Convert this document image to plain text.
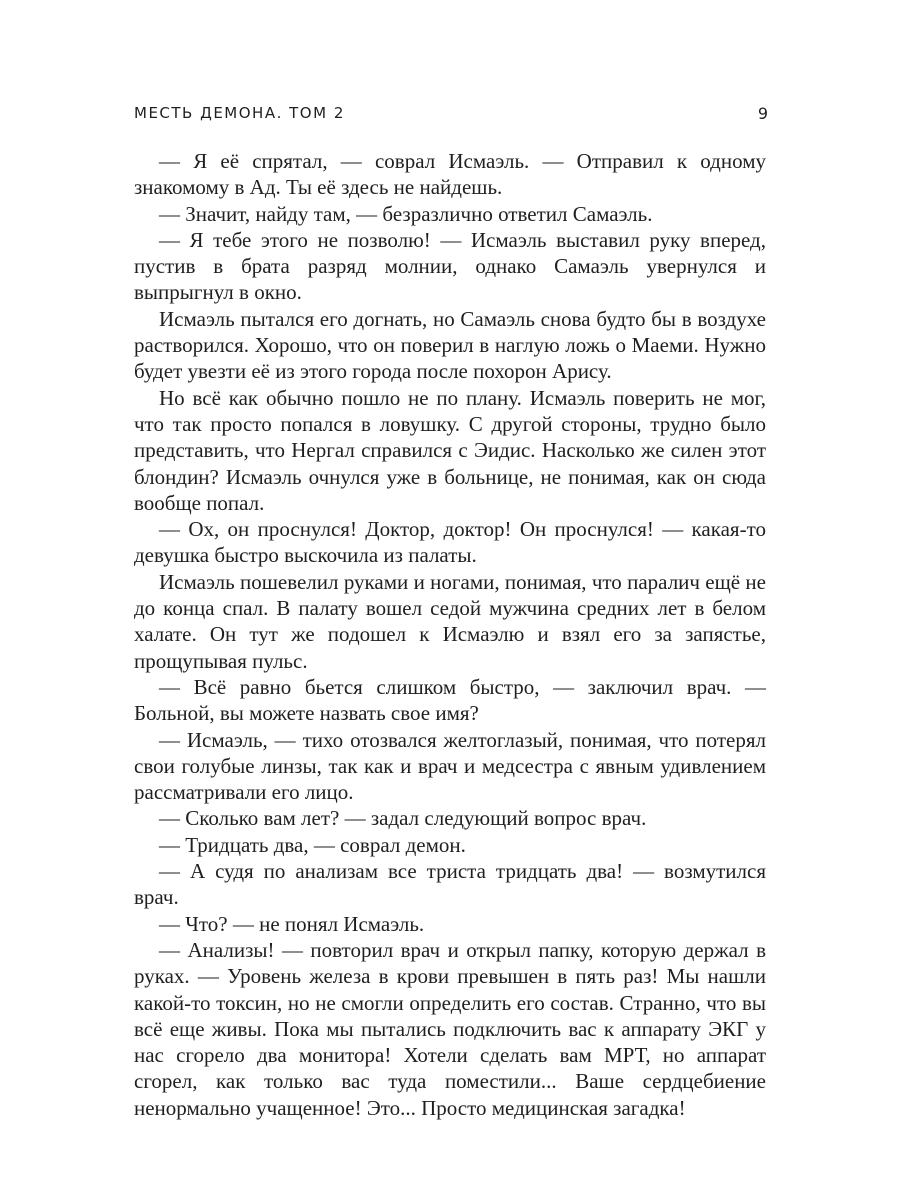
МЕСТЬ ДЕМОНА. ТОМ 2	9

— Я её спрятал, — соврал Исмаэль. — Отправил к одному знакомому в Ад. Ты её здесь не найдешь.

— Значит, найду там, — безразлично ответил Самаэль.

— Я тебе этого не позволю! — Исмаэль выставил руку вперед, пустив в брата разряд молнии, однако Самаэль увернулся и выпрыгнул в окно.

Исмаэль пытался его догнать, но Самаэль снова будто бы в воздухе растворился. Хорошо, что он поверил в наглую ложь о Маеми. Нужно будет увезти её из этого города после похорон Арису.

Но всё как обычно пошло не по плану. Исмаэль поверить не мог, что так просто попался в ловушку. С другой стороны, трудно было представить, что Нергал справился с Эидис. Насколько же силен этот блондин? Исмаэль очнулся уже в больнице, не понимая, как он сюда вообще попал.

— Ох, он проснулся! Доктор, доктор! Он проснулся! — какая-то девушка быстро выскочила из палаты.

Исмаэль пошевелил руками и ногами, понимая, что паралич ещё не до конца спал. В палату вошел седой мужчина средних лет в белом халате. Он тут же подошел к Исмаэлю и взял его за запястье, прощупывая пульс.

— Всё равно бьется слишком быстро, — заключил врач. — Больной, вы можете назвать свое имя?

— Исмаэль, — тихо отозвался желтоглазый, понимая, что потерял свои голубые линзы, так как и врач и медсестра с явным удивлением рассматривали его лицо.

— Сколько вам лет? — задал следующий вопрос врач.

— Тридцать два, — соврал демон.

— А судя по анализам все триста тридцать два! — возмутился врач.

— Что? — не понял Исмаэль.

— Анализы! — повторил врач и открыл папку, которую держал в руках. — Уровень железа в крови превышен в пять раз! Мы нашли какой-то токсин, но не смогли определить его состав. Странно, что вы всё еще живы. Пока мы пытались подключить вас к аппарату ЭКГ у нас сгорело два монитора! Хотели сделать вам МРТ, но аппарат сгорел, как только вас туда поместили... Ваше сердцебиение ненормально учащенное! Это... Просто медицинская загадка!
